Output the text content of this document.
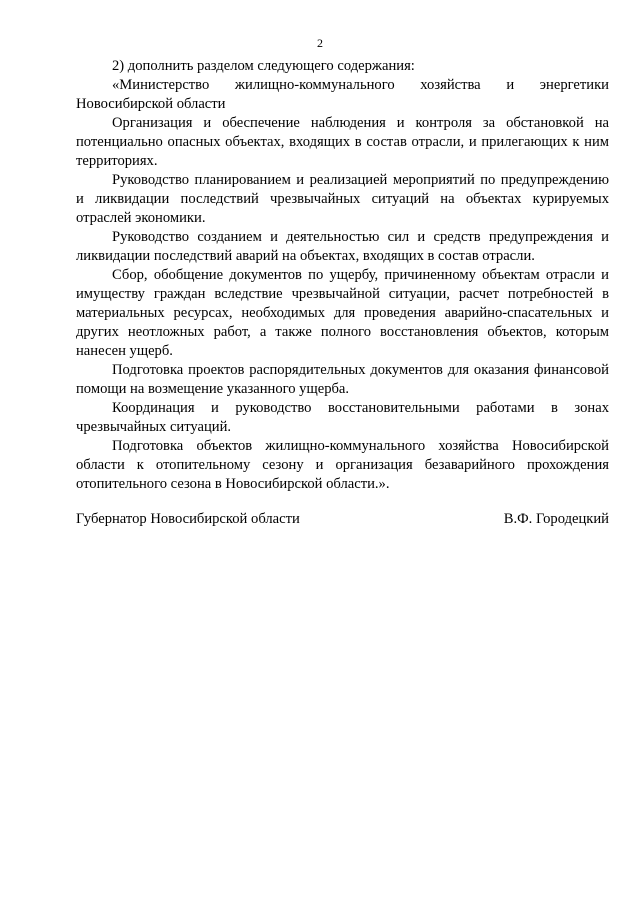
2

2) дополнить разделом следующего содержания:

«Министерство жилищно-коммунального хозяйства и энергетики Новосибирской области

Организация и обеспечение наблюдения и контроля за обстановкой на потенциально опасных объектах, входящих в состав отрасли, и прилегающих к ним территориях.

Руководство планированием и реализацией мероприятий по предупреждению и ликвидации последствий чрезвычайных ситуаций на объектах курируемых отраслей экономики.

Руководство созданием и деятельностью сил и средств предупреждения и ликвидации последствий аварий на объектах, входящих в состав отрасли.

Сбор, обобщение документов по ущербу, причиненному объектам отрасли и имуществу граждан вследствие чрезвычайной ситуации, расчет потребностей в материальных ресурсах, необходимых для проведения аварийно-спасательных и других неотложных работ, а также полного восстановления объектов, которым нанесен ущерб.

Подготовка проектов распорядительных документов для оказания финансовой помощи на возмещение указанного ущерба.

Координация и руководство восстановительными работами в зонах чрезвычайных ситуаций.

Подготовка объектов жилищно-коммунального хозяйства Новосибирской области к отопительному сезону и организация безаварийного прохождения отопительного сезона в Новосибирской области.».

Губернатор Новосибирской области	В.Ф. Городецкий
